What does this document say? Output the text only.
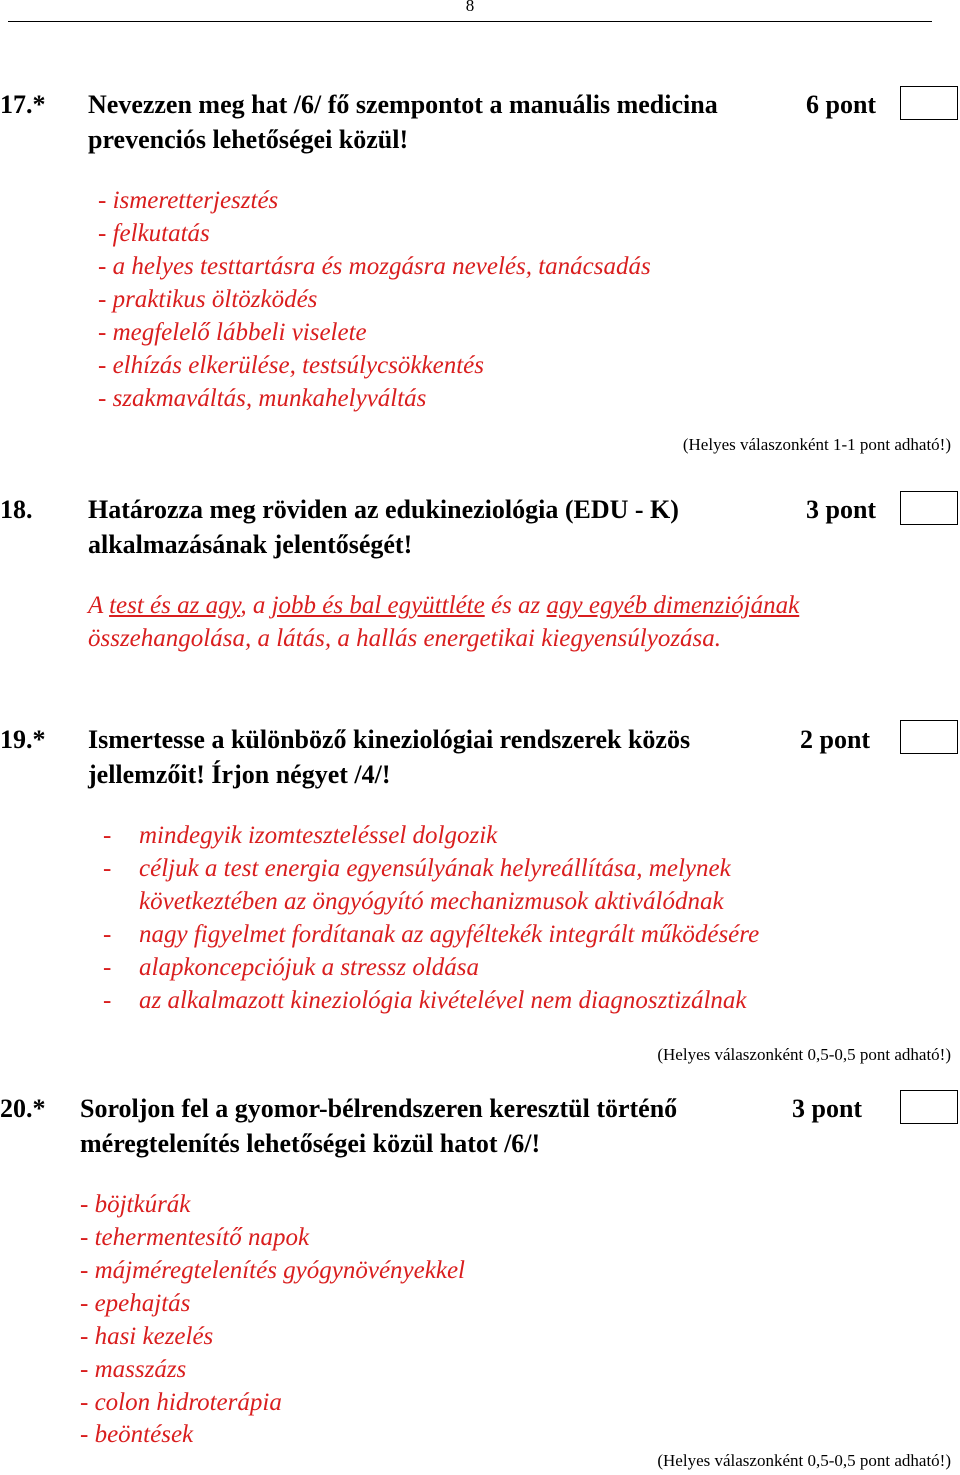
8
17.* Nevezzen meg hat /6/ fő szempontot a manuális medicina
prevenciós lehetőségei közül!
6 pont
- ismeretterjesztés
- felkutatás
- a helyes testtartásra és mozgásra nevelés, tanácsadás
- praktikus öltözködés
- megfelelő lábbeli viselete
- elhízás elkerülése, testsúlycsökkentés
- szakmaváltás, munkahelyváltás
(Helyes válaszonként 1-1 pont adható!)
18. Határozza meg röviden az edukineziológia (EDU - K)
alkalmazásának jelentőségét!
3 pont
A test és az agy, a jobb és bal együttléte és az agy egyéb dimenziójának
összehangolása, a látás, a hallás energetikai kiegyensúlyozása.
19.* Ismertesse a különböző kineziológiai rendszerek közös
jellemzőit! Írjon négyet /4/!
2 pont
- mindegyik izomteszteléssel dolgozik
- céljuk a test energia egyensúlyának helyreállítása, melynek
következtében az öngyógyító mechanizmusok aktiválódnak
- nagy figyelmet fordítanak az agyféltekék integrált működésére
- alapkoncepciójuk a stressz oldása
- az alkalmazott kineziológia kivételével nem diagnosztizálnak
(Helyes válaszonként 0,5-0,5 pont adható!)
20.* Soroljon fel a gyomor-bélrendszeren keresztül történő
méregtelenítés lehetőségei közül hatot /6/!
3 pont
- böjtkúrák
- tehermentesítő napok
- májméregtelenítés gyógynövényekkel
- epehajtás
- hasi kezelés
- masszázs
- colon hidroterápia
- beöntések
(Helyes válaszonként 0,5-0,5 pont adható!)
